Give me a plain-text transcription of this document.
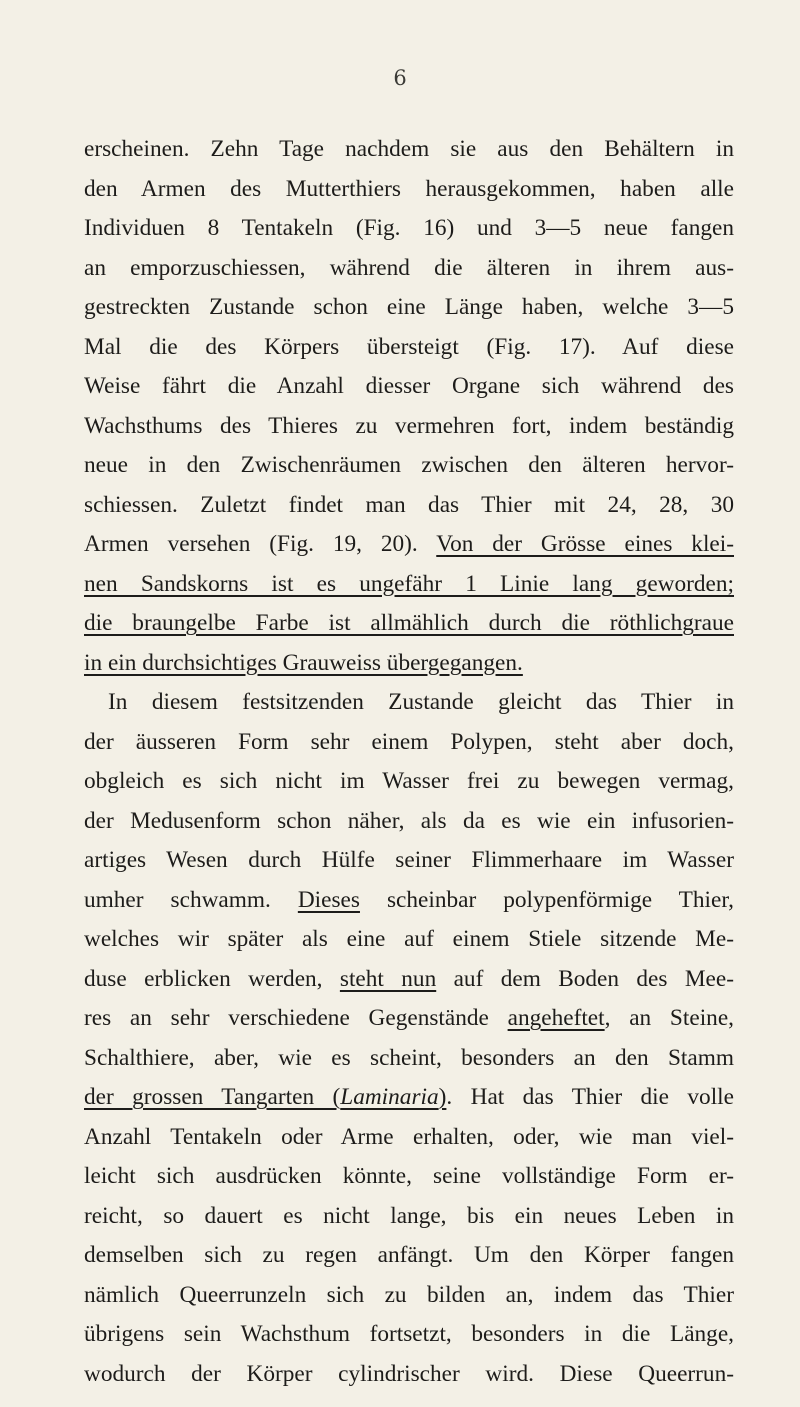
6
erscheinen. Zehn Tage nachdem sie aus den Behältern in
den Armen des Mutterthiers herausgekommen, haben alle
Individuen 8 Tentakeln (Fig. 16) und 3—5 neue fangen
an emporzuschiessen, während die älteren in ihrem aus-
gestreckten Zustande schon eine Länge haben, welche 3—5
Mal die des Körpers übersteigt (Fig. 17). Auf diese
Weise fährt die Anzahl diesser Organe sich während des
Wachsthums des Thieres zu vermehren fort, indem beständig
neue in den Zwischenräumen zwischen den älteren hervor-
schiessen. Zuletzt findet man das Thier mit 24, 28, 30
Armen versehen (Fig. 19, 20). Von der Grösse eines klei-
nen Sandskorns ist es ungefähr 1 Linie lang geworden;
die braungelbe Farbe ist allmählich durch die röthlichgraue
in ein durchsichtiges Grauweiss übergegangen.
In diesem festsitzenden Zustande gleicht das Thier in
der äusseren Form sehr einem Polypen, steht aber doch,
obgleich es sich nicht im Wasser frei zu bewegen vermag,
der Medusenform schon näher, als da es wie ein infusorien-
artiges Wesen durch Hülfe seiner Flimmerhaare im Wasser
umher schwamm. Dieses scheinbar polypenförmige Thier,
welches wir später als eine auf einem Stiele sitzende Me-
duse erblicken werden, steht nun auf dem Boden des Mee-
res an sehr verschiedene Gegenstände angeheftet, an Steine,
Schalthiere, aber, wie es scheint, besonders an den Stamm
der grossen Tangarten (Laminaria). Hat das Thier die volle
Anzahl Tentakeln oder Arme erhalten, oder, wie man viel-
leicht sich ausdrücken könnte, seine vollständige Form er-
reicht, so dauert es nicht lange, bis ein neues Leben in
demselben sich zu regen anfängt. Um den Körper fangen
nämlich Queerrunzeln sich zu bilden an, indem das Thier
übrigens sein Wachsthum fortsetzt, besonders in die Länge,
wodurch der Körper cylindrischer wird. Diese Queerrun-
